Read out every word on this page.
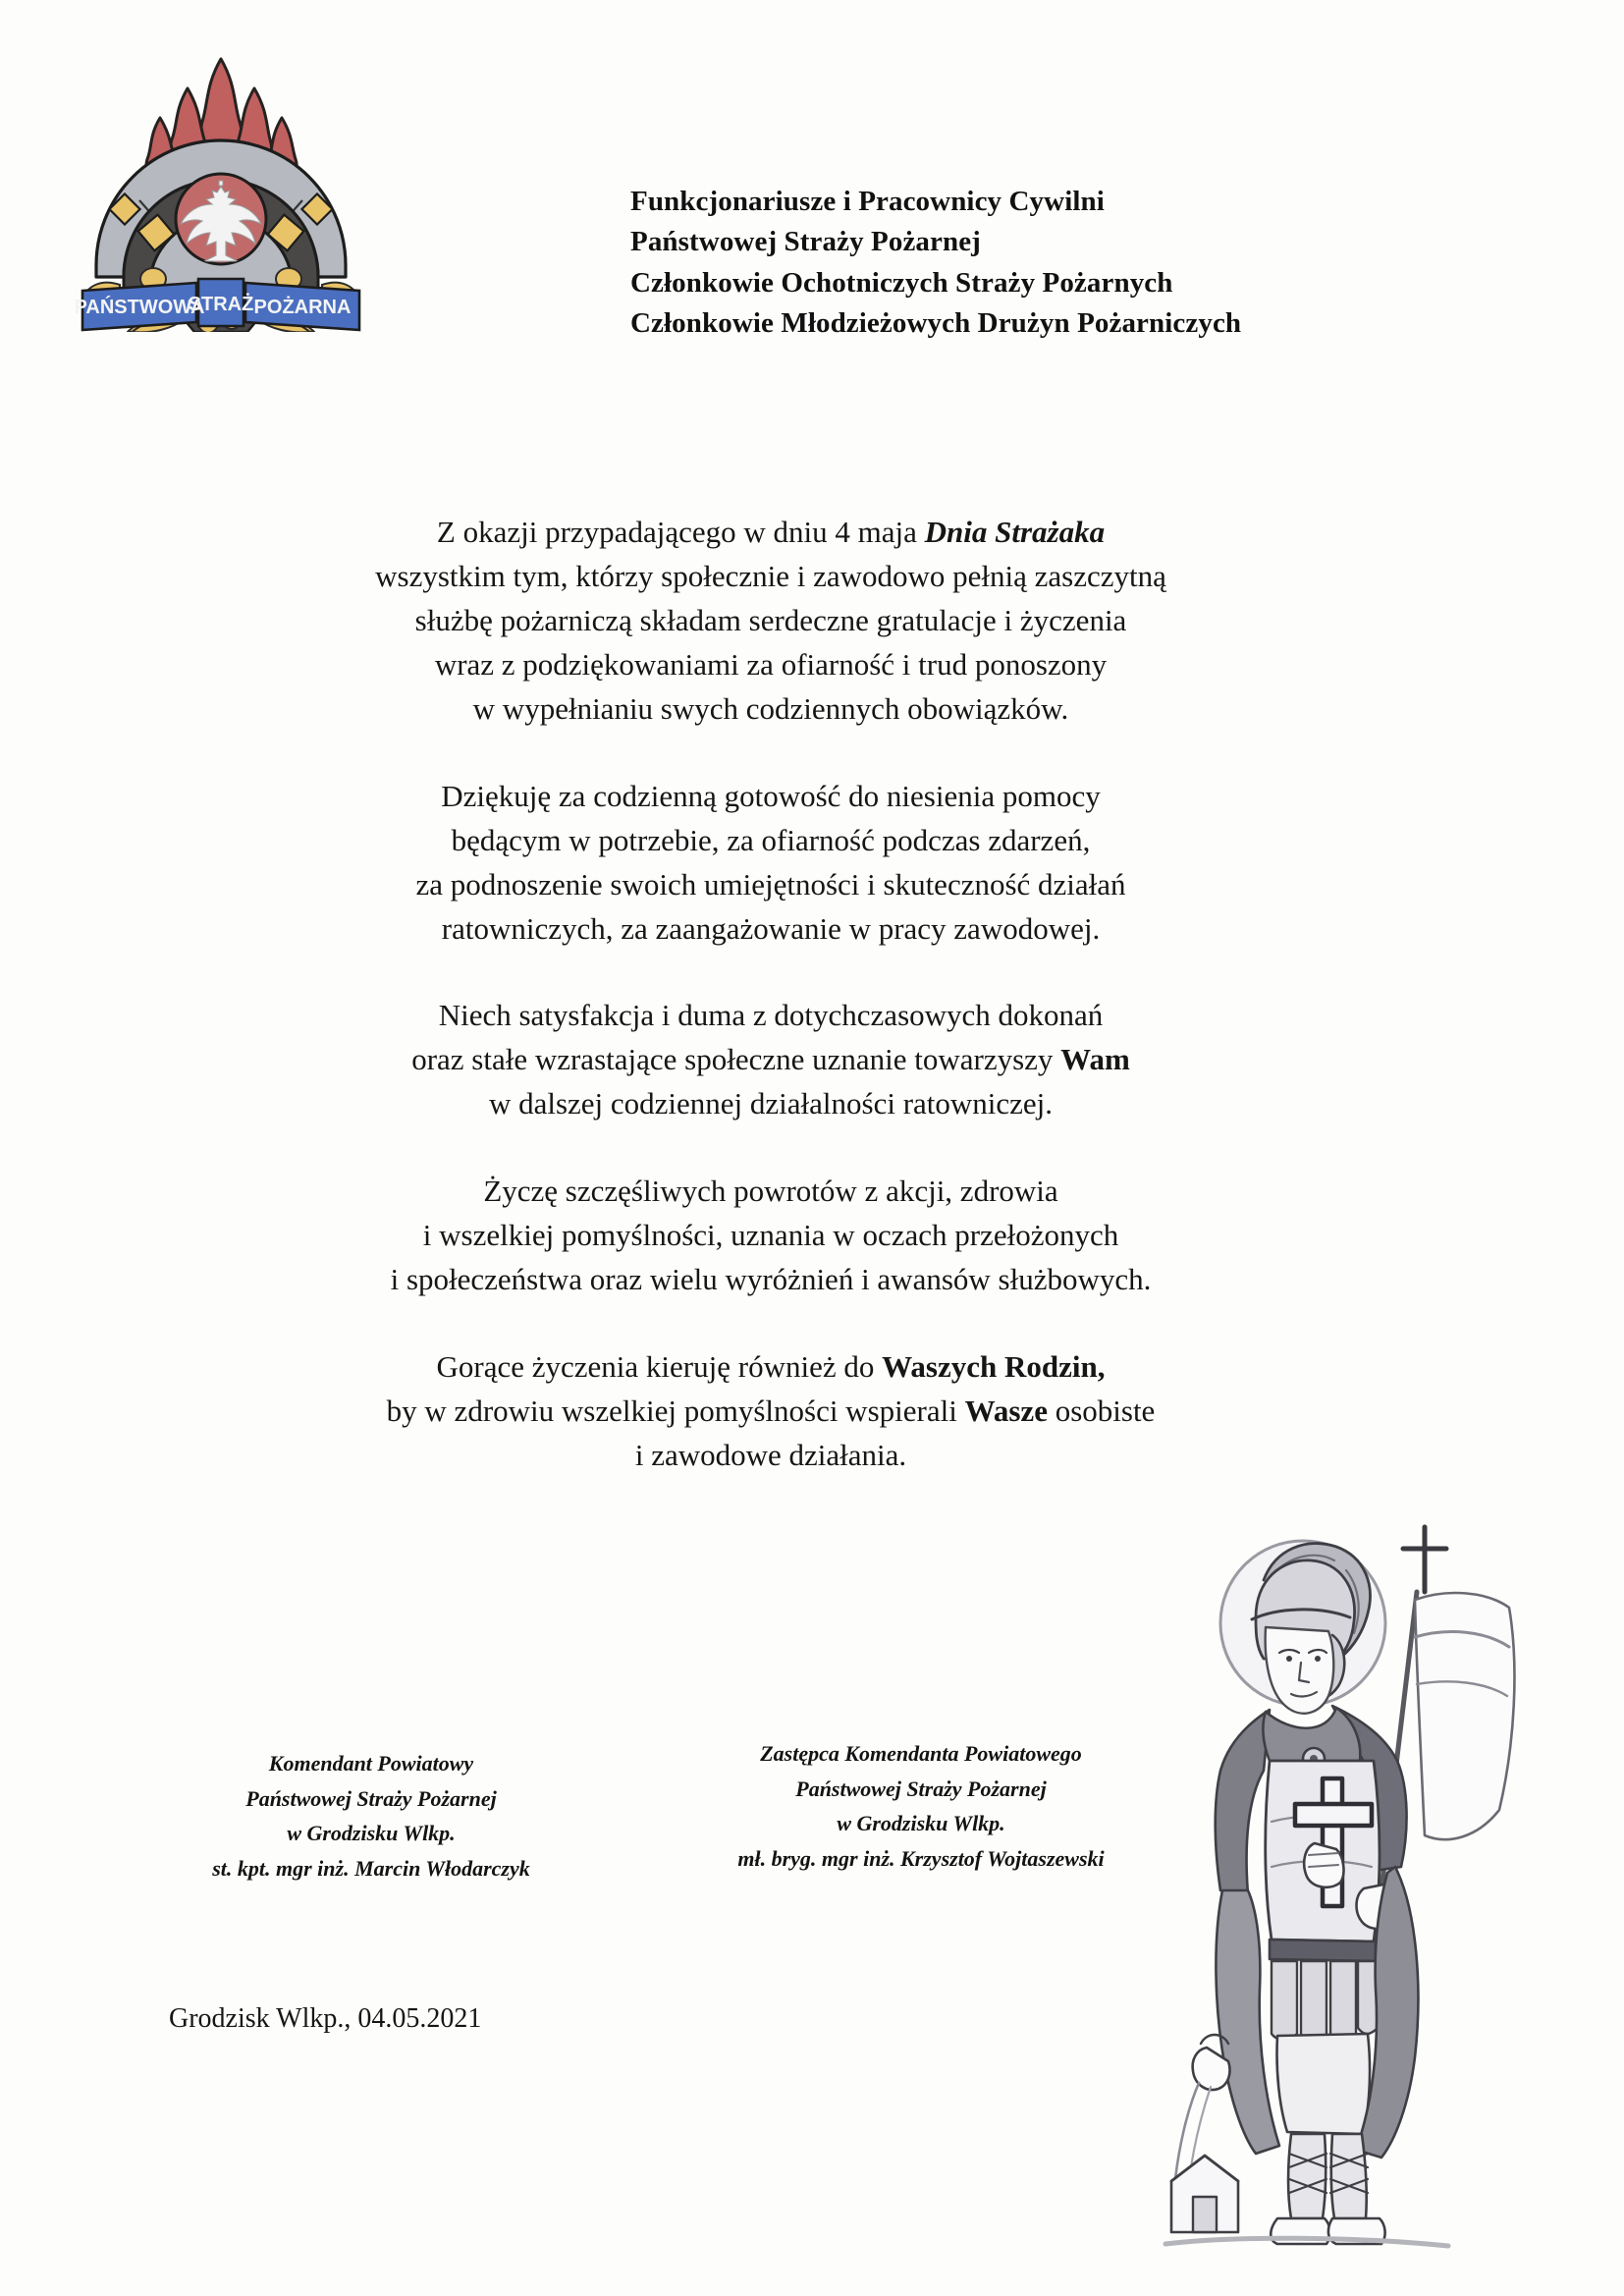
PAŃSTWOWA
STRAŻ POŻARNA
Funkcjonariusze i Pracownicy Cywilni
Państwowej Straży Pożarnej
Członkowie Ochotniczych Straży Pożarnych
Członkowie Młodzieżowych Drużyn Pożarniczych

Z okazji przypadającego w dniu 4 maja Dnia Strażaka
wszystkim tym, którzy społecznie i zawodowo pełnią zaszczytną
służbę pożarniczą składam serdeczne gratulacje i życzenia
wraz z podziękowaniami za ofiarność i trud ponoszony
w wypełnianiu swych codziennych obowiązków.

Dziękuję za codzienną gotowość do niesienia pomocy
będącym w potrzebie, za ofiarność podczas zdarzeń,
za podnoszenie swoich umiejętności i skuteczność działań
ratowniczych, za zaangażowanie w pracy zawodowej.

Niech satysfakcja i duma z dotychczasowych dokonań
oraz stałe wzrastające społeczne uznanie towarzyszy Wam
w dalszej codziennej działalności ratowniczej.

Życzę szczęśliwych powrotów z akcji, zdrowia
i wszelkiej pomyślności, uznania w oczach przełożonych
i społeczeństwa oraz wielu wyróżnień i awansów służbowych.

Gorące życzenia kieruję również do Waszych Rodzin,
by w zdrowiu wszelkiej pomyślności wspierali Wasze osobiste
i zawodowe działania.

Komendant Powiatowy
Państwowej Straży Pożarnej
w Grodzisku Wlkp.
st. kpt. mgr inż. Marcin Włodarczyk
Zastępca Komendanta Powiatowego
Państwowej Straży Pożarnej
w Grodzisku Wlkp.
mł. bryg. mgr inż. Krzysztof Wojtaszewski
Grodzisk Wlkp., 04.05.2021
